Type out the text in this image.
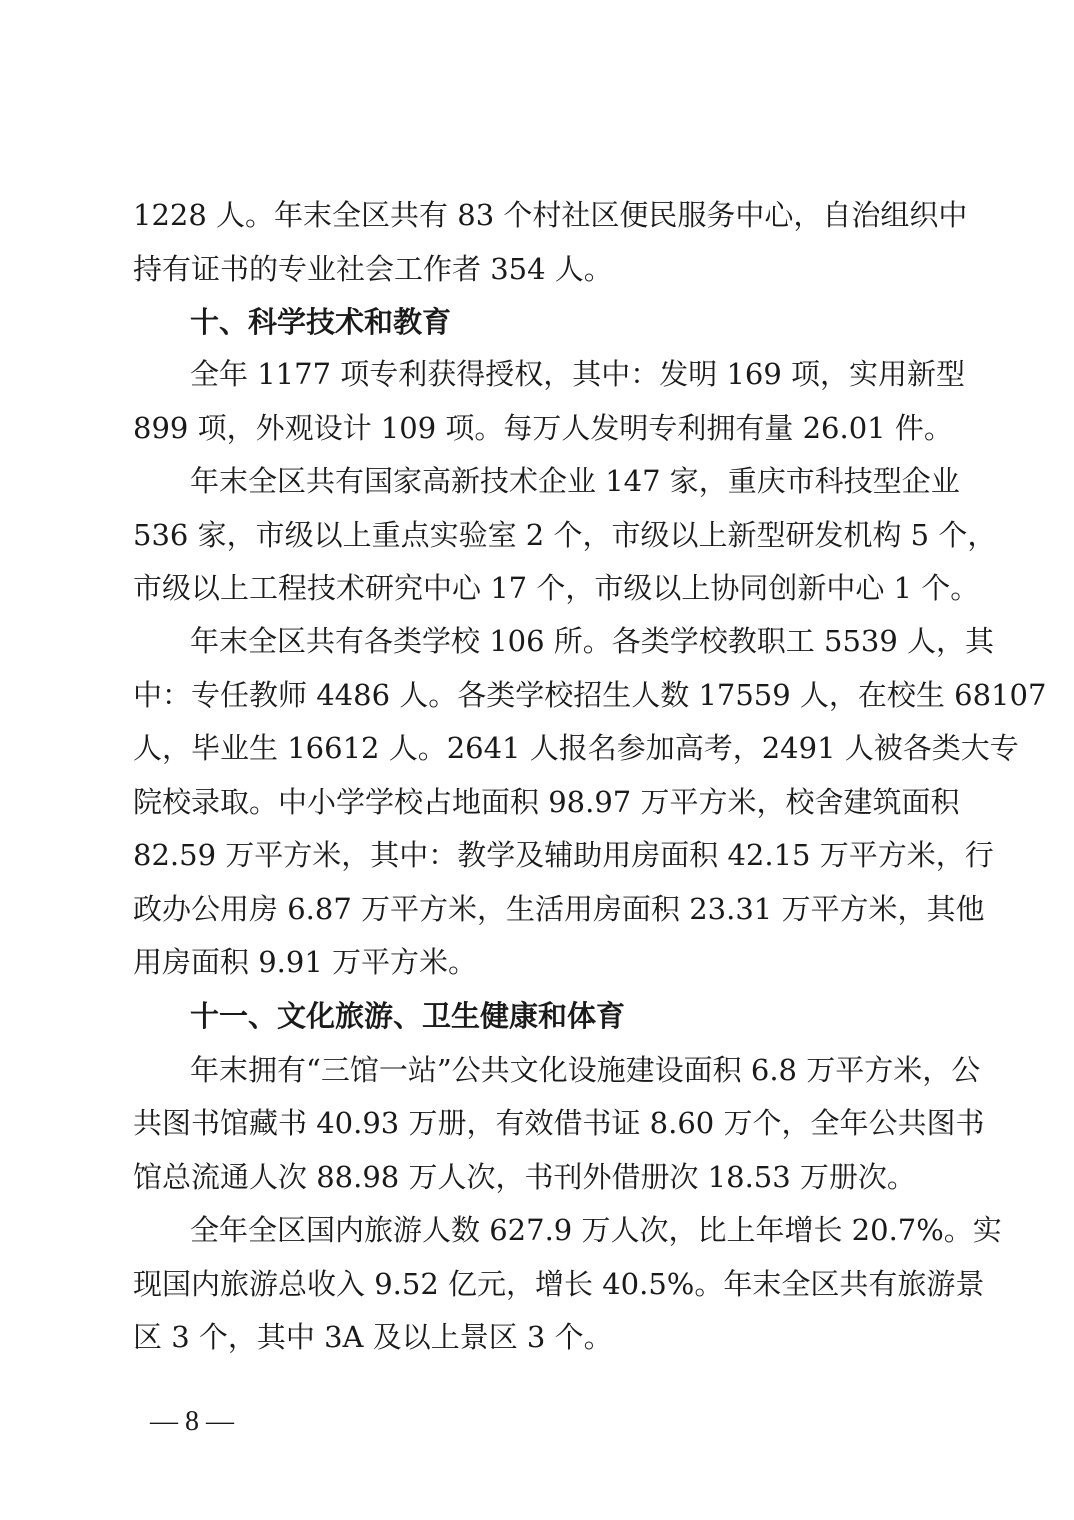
1228 人。年末全区共有 83 个村社区便民服务中心，自治组织中
持有证书的专业社会工作者 354 人。
十、科学技术和教育
全年 1177 项专利获得授权，其中：发明 169 项，实用新型
899 项，外观设计 109 项。每万人发明专利拥有量 26.01 件。
年末全区共有国家高新技术企业 147 家，重庆市科技型企业
536 家，市级以上重点实验室 2 个，市级以上新型研发机构 5 个，
市级以上工程技术研究中心 17 个，市级以上协同创新中心 1 个。
年末全区共有各类学校 106 所。各类学校教职工 5539 人，其
中：专任教师 4486 人。各类学校招生人数 17559 人，在校生 68107
人，毕业生 16612 人。2641 人报名参加高考，2491 人被各类大专
院校录取。中小学学校占地面积 98.97 万平方米，校舍建筑面积
82.59 万平方米，其中：教学及辅助用房面积 42.15 万平方米，行
政办公用房 6.87 万平方米，生活用房面积 23.31 万平方米，其他
用房面积 9.91 万平方米。
十一、文化旅游、卫生健康和体育
年末拥有“三馆一站”公共文化设施建设面积 6.8 万平方米，公
共图书馆藏书 40.93 万册，有效借书证 8.60 万个，全年公共图书
馆总流通人次 88.98 万人次，书刊外借册次 18.53 万册次。
全年全区国内旅游人数 627.9 万人次，比上年增长 20.7%。实
现国内旅游总收入 9.52 亿元，增长 40.5%。年末全区共有旅游景
区 3 个，其中 3A 及以上景区 3 个。
— 8 —
